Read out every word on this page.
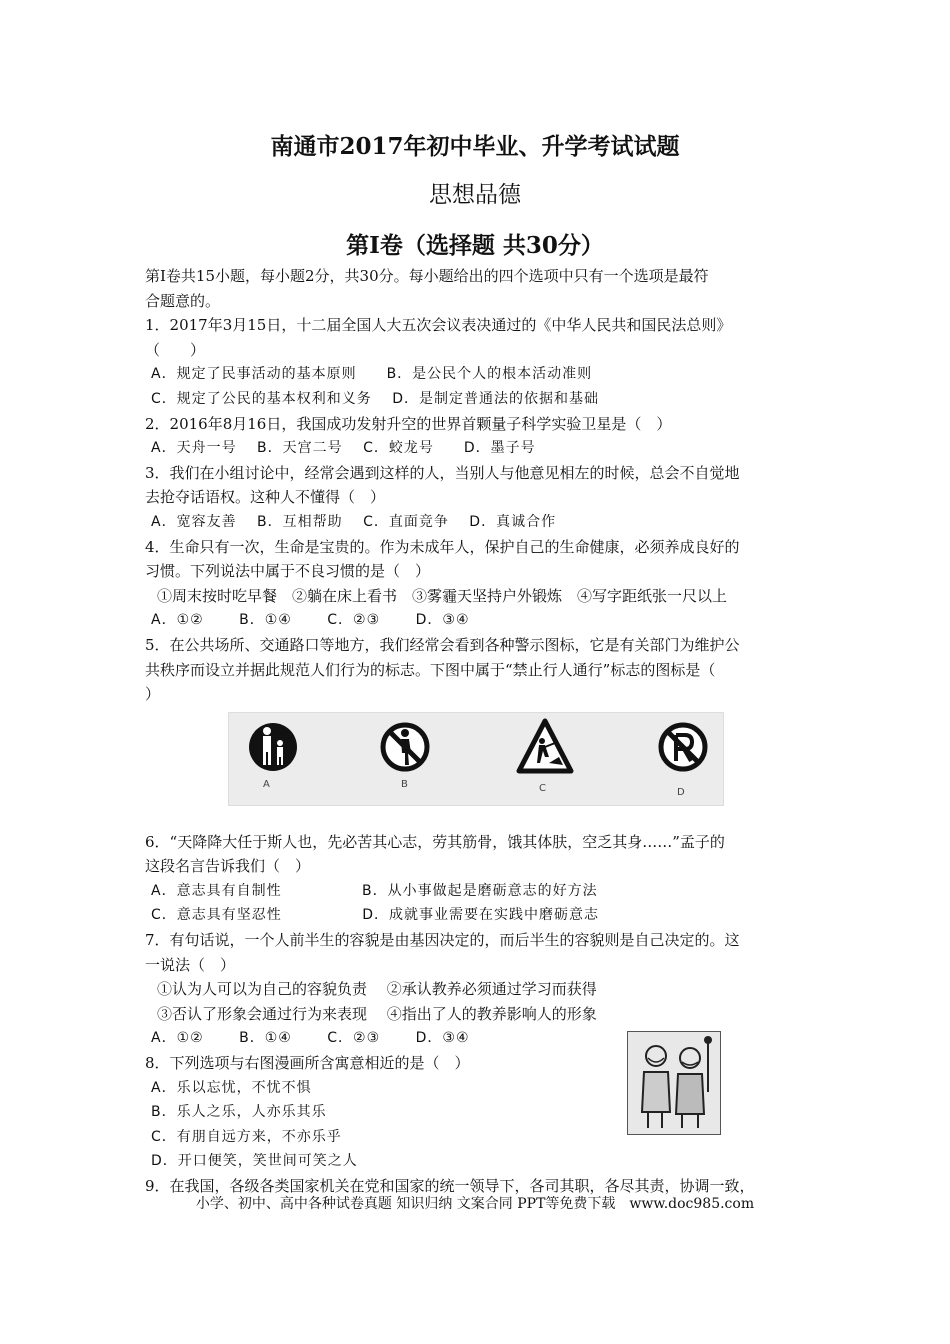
南通市2017年初中毕业、升学考试试题
思想品德
第Ⅰ卷（选择题 共30分）
第Ⅰ卷共15小题，每小题2分，共30分。每小题给出的四个选项中只有一个选项是最符
合题意的。
1．2017年3月15日，十二届全国人大五次会议表决通过的《中华人民共和国民法总则》
（　　）
A．规定了民事活动的基本原则　　B．是公民个人的根本活动准则
C．规定了公民的基本权利和义务　 D．是制定普通法的依据和基础
2．2016年8月16日，我国成功发射升空的世界首颗量子科学实验卫星是（　）
A．天舟一号　 B．天宫二号　 C．蛟龙号　　D．墨子号
3．我们在小组讨论中，经常会遇到这样的人，当别人与他意见相左的时候，总会不自觉地
去抢夺话语权。这种人不懂得（　）
A．宽容友善　 B．互相帮助　 C．直面竞争　 D．真诚合作
4．生命只有一次，生命是宝贵的。作为未成年人，保护自己的生命健康，必须养成良好的
习惯。下列说法中属于不良习惯的是（　）
①周末按时吃早餐　②躺在床上看书　③雾霾天坚持户外锻炼　④写字距纸张一尺以上
A．①②　　 B．①④　　 C．②③　　 D．③④
5．在公共场所、交通路口等地方，我们经常会看到各种警示图标，它是有关部门为维护公
共秩序而设立并据此规范人们行为的标志。下图中属于“禁止行人通行”标志的图标是（
）
6．“天降降大任于斯人也，先必苦其心志，劳其筋骨，饿其体肤，空乏其身……”孟子的
这段名言告诉我们（　）
A．意志具有自制性　　　　　 B．从小事做起是磨砺意志的好方法
C．意志具有坚忍性　　　　　 D．成就事业需要在实践中磨砺意志
7．有句话说，一个人前半生的容貌是由基因决定的，而后半生的容貌则是自己决定的。这
一说法（　）
①认为人可以为自己的容貌负责　 ②承认教养必须通过学习而获得
③否认了形象会通过行为来表现　 ④指出了人的教养影响人的形象
A．①②　　 B．①④　　 C．②③　　 D．③④
8．下列选项与右图漫画所含寓意相近的是（　）
A．乐以忘忧，不忧不惧
B．乐人之乐，人亦乐其乐
C．有朋自远方来，不亦乐乎
D．开口便笑，笑世间可笑之人
9．在我国，各级各类国家机关在党和国家的统一领导下，各司其职，各尽其责，协调一致，
A	B	C	D
小学、初中、高中各种试卷真题 知识归纳 文案合同 PPT等免费下载　www.doc985.com
